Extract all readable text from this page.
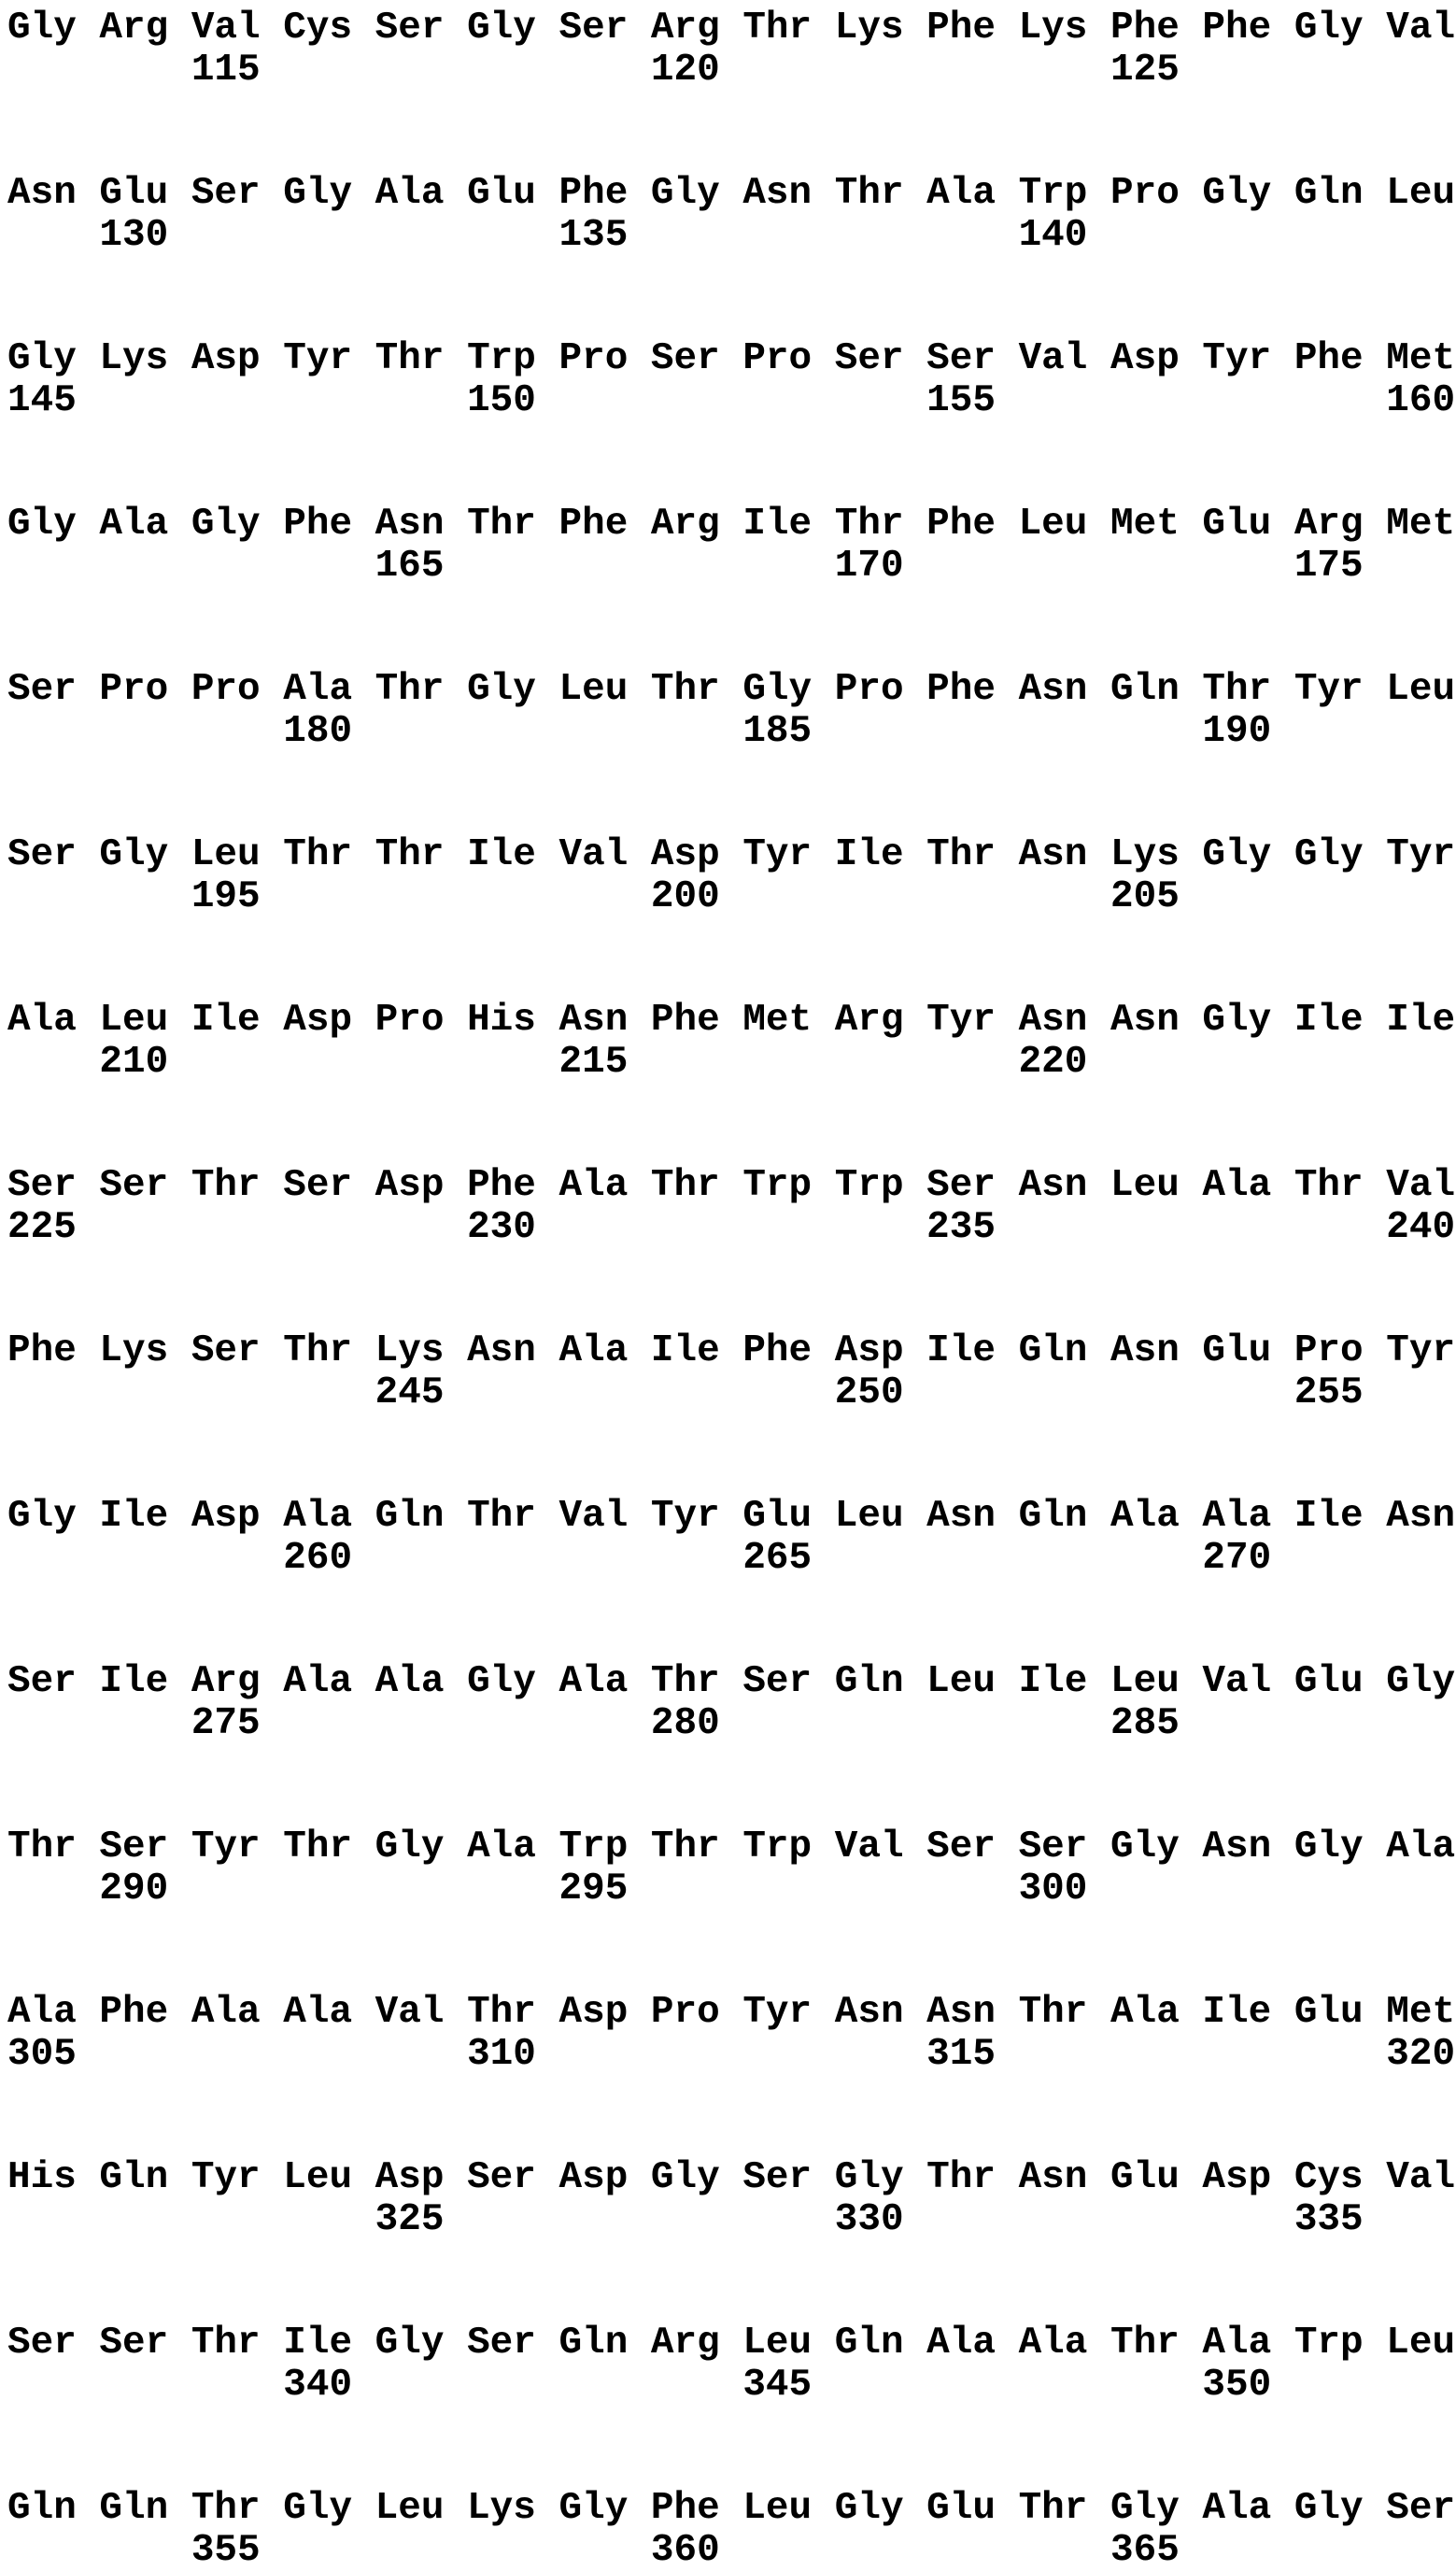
Gly Arg Val Cys Ser Gly Ser Arg Thr Lys Phe Lys Phe Phe Gly Val
115                 120                 125
Asn Glu Ser Gly Ala Glu Phe Gly Asn Thr Ala Trp Pro Gly Gln Leu
130                 135                 140
Gly Lys Asp Tyr Thr Trp Pro Ser Pro Ser Ser Val Asp Tyr Phe Met
145                 150                 155                 160
Gly Ala Gly Phe Asn Thr Phe Arg Ile Thr Phe Leu Met Glu Arg Met
165                 170                 175
Ser Pro Pro Ala Thr Gly Leu Thr Gly Pro Phe Asn Gln Thr Tyr Leu
180                 185                 190
Ser Gly Leu Thr Thr Ile Val Asp Tyr Ile Thr Asn Lys Gly Gly Tyr
195                 200                 205
Ala Leu Ile Asp Pro His Asn Phe Met Arg Tyr Asn Asn Gly Ile Ile
210                 215                 220
Ser Ser Thr Ser Asp Phe Ala Thr Trp Trp Ser Asn Leu Ala Thr Val
225                 230                 235                 240
Phe Lys Ser Thr Lys Asn Ala Ile Phe Asp Ile Gln Asn Glu Pro Tyr
245                 250                 255
Gly Ile Asp Ala Gln Thr Val Tyr Glu Leu Asn Gln Ala Ala Ile Asn
260                 265                 270
Ser Ile Arg Ala Ala Gly Ala Thr Ser Gln Leu Ile Leu Val Glu Gly
275                 280                 285
Thr Ser Tyr Thr Gly Ala Trp Thr Trp Val Ser Ser Gly Asn Gly Ala
290                 295                 300
Ala Phe Ala Ala Val Thr Asp Pro Tyr Asn Asn Thr Ala Ile Glu Met
305                 310                 315                 320
His Gln Tyr Leu Asp Ser Asp Gly Ser Gly Thr Asn Glu Asp Cys Val
325                 330                 335
Ser Ser Thr Ile Gly Ser Gln Arg Leu Gln Ala Ala Thr Ala Trp Leu
340                 345                 350
Gln Gln Thr Gly Leu Lys Gly Phe Leu Gly Glu Thr Gly Ala Gly Ser
355                 360                 365
